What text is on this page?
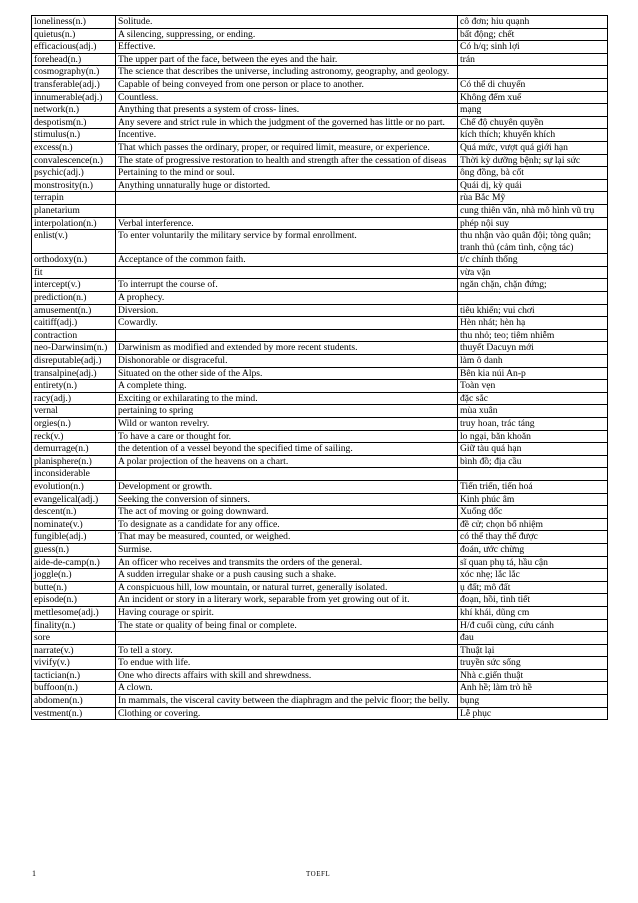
loneliness(n.)	Solitude.	cô đơn; hiu quạnh
quietus(n.)	A silencing, suppressing, or ending.	bất động; chết
efficacious(adj.)	Effective.	Có h/q; sinh lợi
forehead(n.)	The upper part of the face, between the eyes and the hair.	trán
cosmography(n.)	The science that describes the universe, including astronomy, geography, and geology.	
transferable(adj.)	Capable of being conveyed from one person or place to another.	Có thể di chuyển
innumerable(adj.)	Countless.	Không đếm xuể
network(n.)	Anything that presents a system of cross- lines.	mạng
despotism(n.)	Any severe and strict rule in which the judgment of the governed has little or no part.	Chế độ chuyên quyền
stimulus(n.)	Incentive.	kích thích; khuyến khích
excess(n.)	That which passes the ordinary, proper, or required limit, measure, or experience.	Quá mức, vượt quá giới hạn
convalescence(n.)	The state of progressive restoration to health and strength after the cessation of diseas	Thời kỳ dưỡng bệnh; sự lại sức
psychic(adj.)	Pertaining to the mind or soul.	ông đồng, bà cốt
monstrosity(n.)	Anything unnaturally huge or distorted.	Quái dị, kỳ quái
terrapin		rùa Bắc Mỹ
planetarium		cung thiên văn, nhà mô hình vũ trụ
interpolation(n.)	Verbal interference.	phép nội suy
enlist(v.)	To enter voluntarily the military service by formal enrollment.	thu nhận vào quân đội; tòng quân; tranh thủ (cảm tình, cộng tác)
orthodoxy(n.)	Acceptance of the common faith.	t/c chính thống
fit		vừa vặn
intercept(v.)	To interrupt the course of.	ngăn chặn, chặn đứng;
prediction(n.)	A prophecy.	
amusement(n.)	Diversion.	tiêu khiển; vui chơi
caitiff(adj.)	Cowardly.	Hèn nhát; hèn hạ
contraction		thu nhỏ; teo; tiêm nhiễm
neo-Darwinsim(n.)	Darwinism as modified and extended by more recent students.	thuyết Dacuyn mới
disreputable(adj.)	Dishonorable or disgraceful.	làm ô danh
transalpine(adj.)	Situated on the other side of the Alps.	Bên kia núi An-p
entirety(n.)	A complete thing.	Toàn vẹn
racy(adj.)	Exciting or exhilarating to the mind.	đặc sắc
vernal	pertaining to spring	mùa xuân
orgies(n.)	Wild or wanton revelry.	truy hoan, trác táng
reck(v.)	To have a care or thought for.	lo ngại, băn khoăn
demurrage(n.)	the detention of a vessel beyond the specified time of sailing.	Giữ tàu quá hạn
planisphere(n.)	A polar projection of the heavens on a chart.	bình đồ; địa cầu
inconsiderable		
evolution(n.)	Development or growth.	Tiến triển, tiến hoá
evangelical(adj.)	Seeking the conversion of sinners.	Kinh phúc âm
descent(n.)	The act of moving or going downward.	Xuống dốc
nominate(v.)	To designate as a candidate for any office.	đề cử; chọn bổ nhiệm
fungible(adj.)	That may be measured, counted, or weighed.	có thể thay thế được
guess(n.)	Surmise.	đoán, ước chừng
aide-de-camp(n.)	An officer who receives and transmits the orders of the general.	sĩ quan phụ tá, hầu cận
joggle(n.)	A sudden irregular shake or a push causing such a shake.	xóc nhẹ; lắc lắc
butte(n.)	A conspicuous hill, low mountain, or natural turret, generally isolated.	ụ đất; mô đất
episode(n.)	An incident or story in a literary work, separable from yet growing out of it.	đoạn, hồi, tình tiết
mettlesome(adj.)	Having courage or spirit.	khí khái, dũng cm
finality(n.)	The state or quality of being final or complete.	H/đ cuối cùng, cứu cánh
sore		đau
narrate(v.)	To tell a story.	Thuật lại
vivify(v.)	To endue with life.	truyền sức sống
tactician(n.)	One who directs affairs with skill and shrewdness.	Nhà c.giến thuật
buffoon(n.)	A clown.	Anh hề; làm trò hề
abdomen(n.)	In mammals, the visceral cavity between the diaphragm and the pelvic floor; the belly.	bụng
vestment(n.)	Clothing or covering.	Lễ phục
1	TOEFL
